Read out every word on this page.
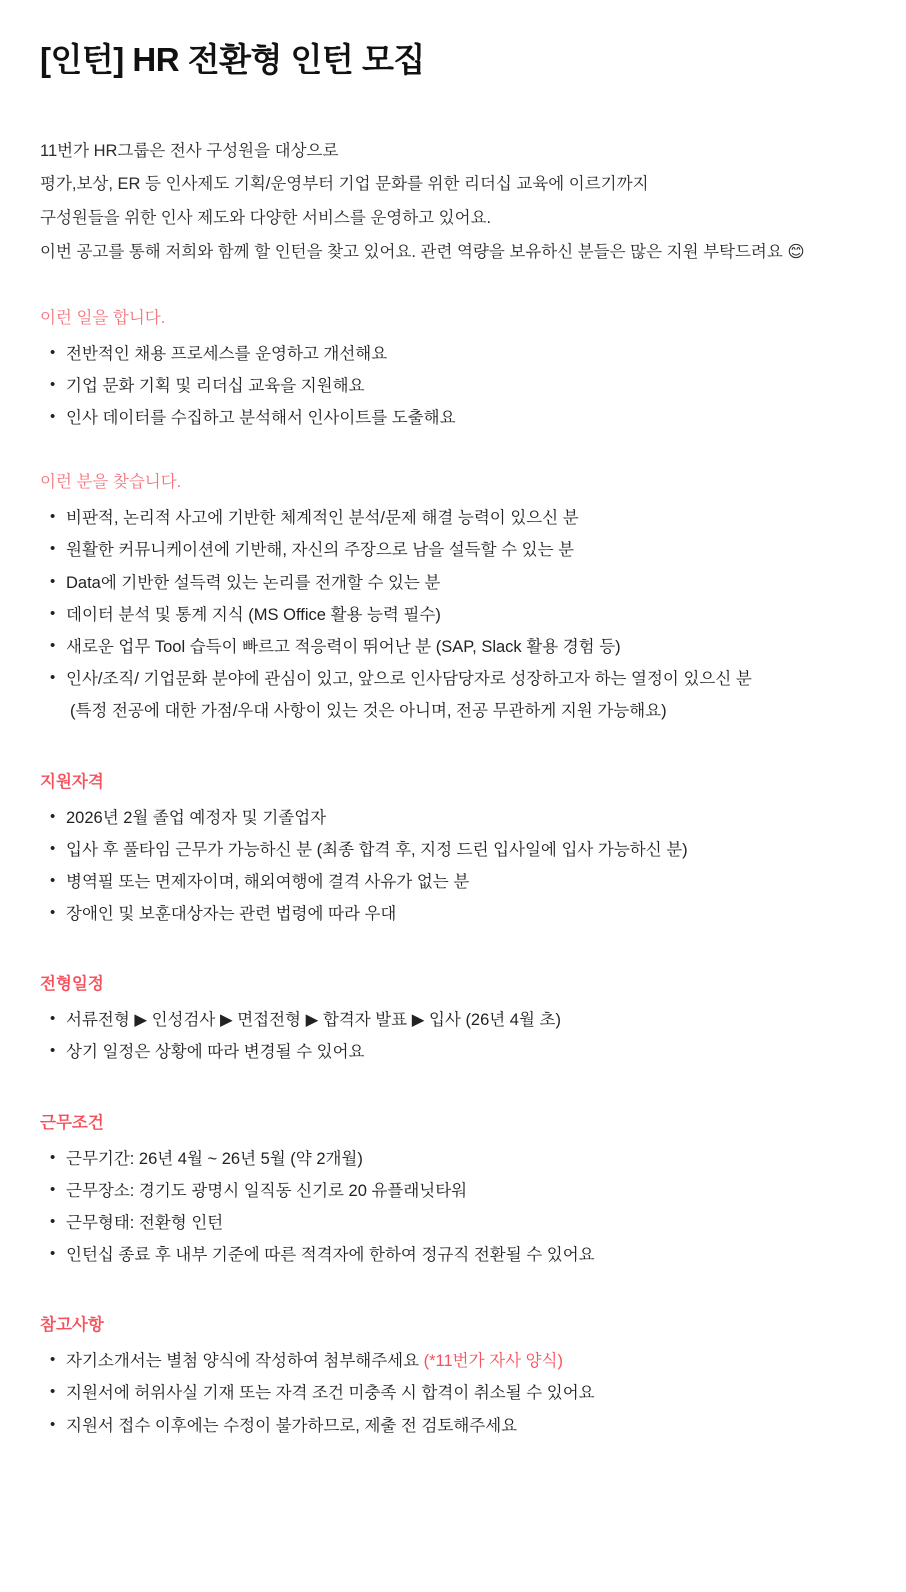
[인턴] HR 전환형 인턴 모집
11번가 HR그룹은 전사 구성원을 대상으로
평가,보상, ER 등 인사제도 기획/운영부터 기업 문화를 위한 리더십 교육에 이르기까지
구성원들을 위한 인사 제도와 다양한 서비스를 운영하고 있어요.
이번 공고를 통해 저희와 함께 할 인턴을 찾고 있어요. 관련 역량을 보유하신 분들은 많은 지원 부탁드려요 😊
이런 일을 합니다.
• 전반적인 채용 프로세스를 운영하고 개선해요
• 기업 문화 기획 및 리더십 교육을 지원해요
• 인사 데이터를 수집하고 분석해서 인사이트를 도출해요
이런 분을 찾습니다.
• 비판적, 논리적 사고에 기반한 체계적인 분석/문제 해결 능력이 있으신 분
• 원활한 커뮤니케이션에 기반해, 자신의 주장으로 남을 설득할 수 있는 분
• Data에 기반한 설득력 있는 논리를 전개할 수 있는 분
• 데이터 분석 및 통계 지식 (MS Office 활용 능력 필수)
• 새로운 업무 Tool 습득이 빠르고 적응력이 뛰어난 분 (SAP, Slack 활용 경험 등)
• 인사/조직/ 기업문화 분야에 관심이 있고, 앞으로 인사담당자로 성장하고자 하는 열정이 있으신 분
(특정 전공에 대한 가점/우대 사항이 있는 것은 아니며, 전공 무관하게 지원 가능해요)
지원자격
• 2026년 2월 졸업 예정자 및 기졸업자
• 입사 후 풀타임 근무가 가능하신 분 (최종 합격 후, 지정 드린 입사일에 입사 가능하신 분)
• 병역필 또는 면제자이며, 해외여행에 결격 사유가 없는 분
• 장애인 및 보훈대상자는 관련 법령에 따라 우대
전형일정
• 서류전형 ▶ 인성검사 ▶ 면접전형 ▶ 합격자 발표 ▶ 입사 (26년 4월 초)
• 상기 일정은 상황에 따라 변경될 수 있어요
근무조건
• 근무기간: 26년 4월 ~ 26년 5월 (약 2개월)
• 근무장소: 경기도 광명시 일직동 신기로 20 유플래닛타워
• 근무형태: 전환형 인턴
• 인턴십 종료 후 내부 기준에 따른 적격자에 한하여 정규직 전환될 수 있어요
참고사항
• 자기소개서는 별첨 양식에 작성하여 첨부해주세요 (*11번가 자사 양식)
• 지원서에 허위사실 기재 또는 자격 조건 미충족 시 합격이 취소될 수 있어요
• 지원서 접수 이후에는 수정이 불가하므로, 제출 전 검토해주세요
